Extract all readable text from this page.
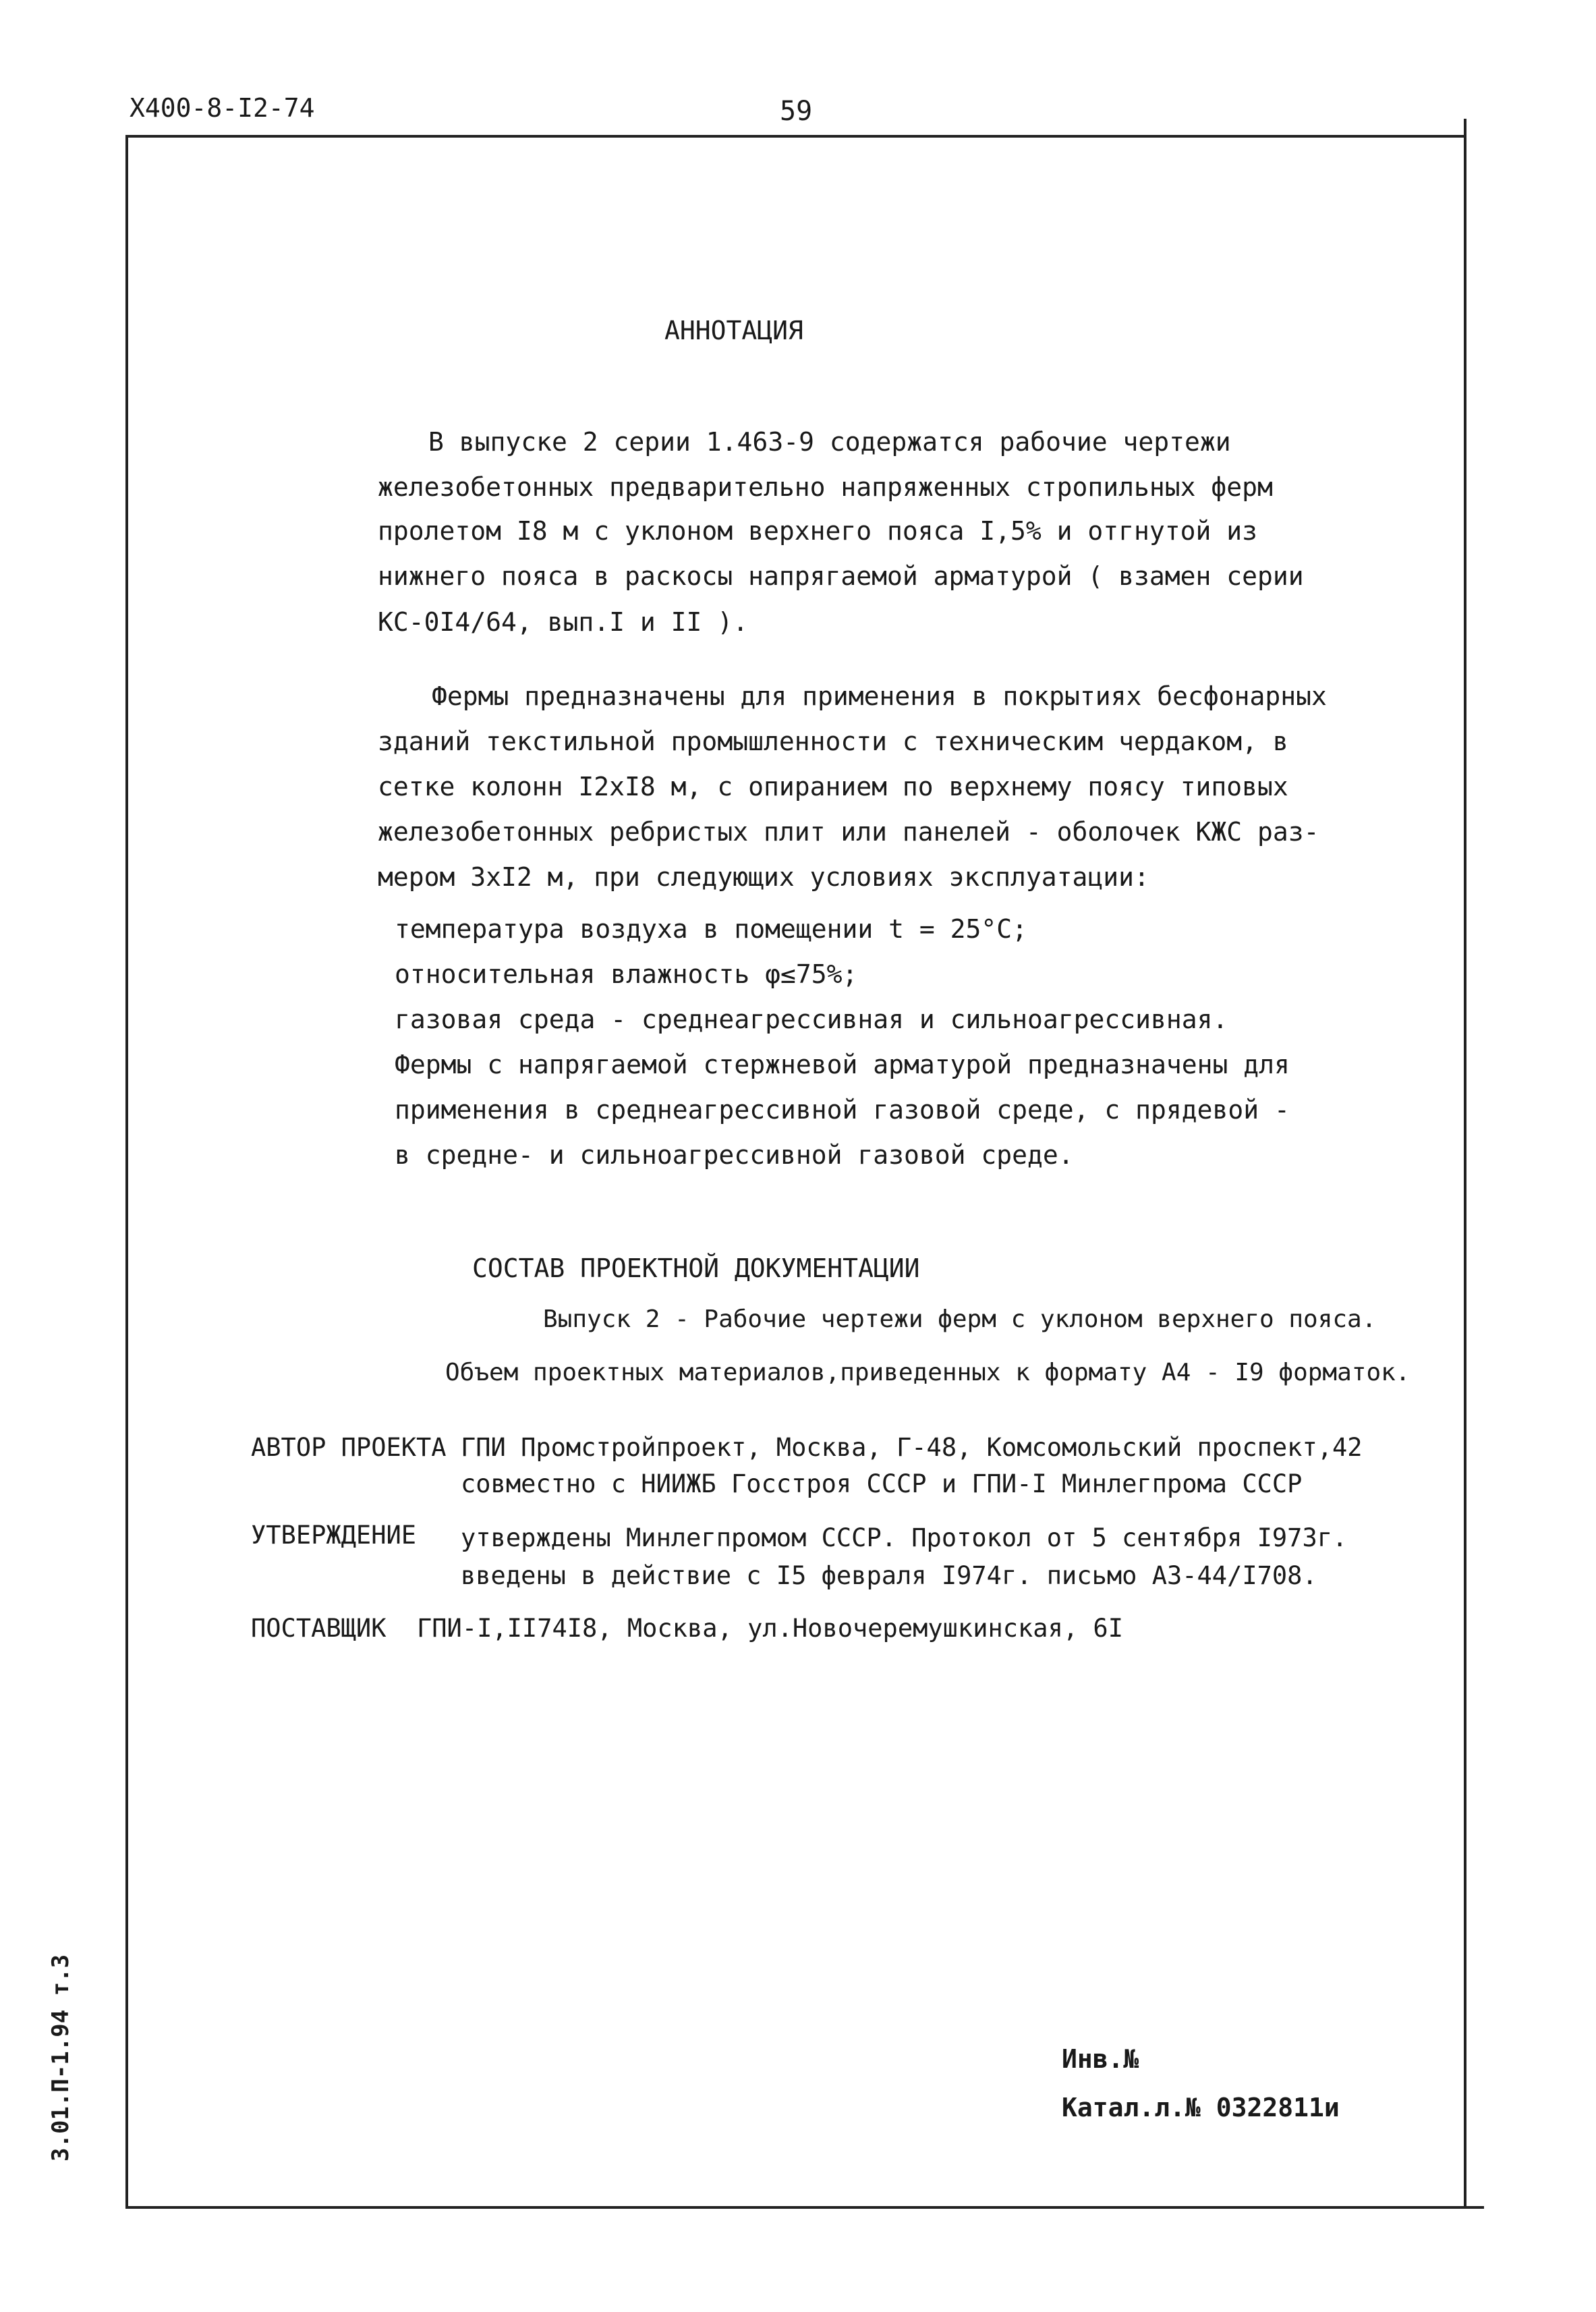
Х400-8-I2-74	59
3.01.П-1.94 т.3
АННОТАЦИЯ
В выпуске 2 серии 1.463-9 содержатся рабочие чертежи
железобетонных предварительно напряженных стропильных ферм
пролетом I8 м с уклоном верхнего пояса I,5% и отгнутой из
нижнего пояса в раскосы напрягаемой арматурой ( взамен серии
КС-0I4/64, вып.I и II ).
Фермы предназначены для применения в покрытиях бесфонарных
зданий текстильной промышленности с техническим чердаком, в
сетке колонн I2xI8 м, с опиранием по верхнему поясу типовых
железобетонных ребристых плит или панелей - оболочек КЖС раз-
мером 3xI2 м, при следующих условиях эксплуатации:
температура воздуха в помещении t = 25°C;
относительная влажность φ≤75%;
газовая среда - среднеагрессивная и сильноагрессивная.
Фермы с напрягаемой стержневой арматурой предназначены для
применения в среднеагрессивной газовой среде, с прядевой -
в средне- и сильноагрессивной газовой среде.
СОСТАВ ПРОЕКТНОЙ ДОКУМЕНТАЦИИ
Выпуск 2 - Рабочие чертежи ферм с уклоном верхнего пояса.
Объем проектных материалов,приведенных к формату А4 - I9 форматок.
АВТОР ПРОЕКТА ГПИ Промстройпроект, Москва, Г-48, Комсомольский проспект,42
совместно с НИИЖБ Госстроя СССР и ГПИ-I Минлегпрома СССР
УТВЕРЖДЕНИЕ утверждены Минлегпромом СССР. Протокол от 5 сентября I973г.
введены в действие с I5 февраля I974г. письмо А3-44/I708.
ПОСТАВЩИК ГПИ-I,II74I8, Москва, ул.Новочеремушкинская, 6I
Инв.№
Катал.л.№ 0322811и
